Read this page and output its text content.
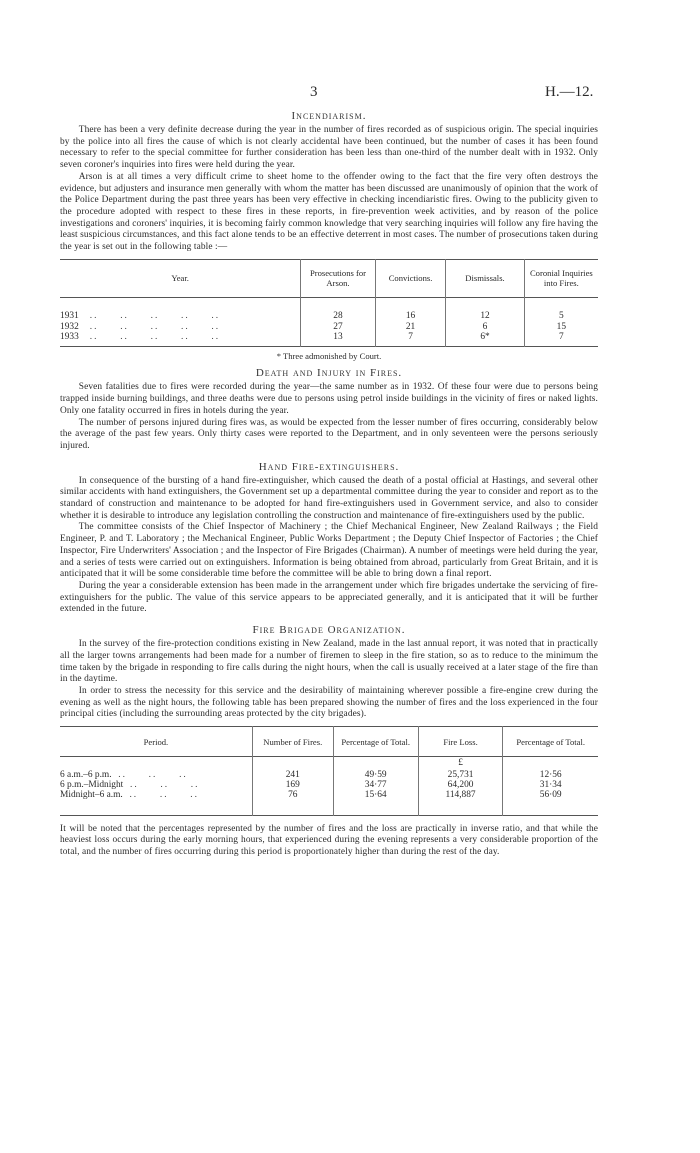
3	H.—12.
Incendiarism.

There has been a very definite decrease during the year in the number of fires recorded as of suspicious origin. The special inquiries by the police into all fires the cause of which is not clearly accidental have been continued, but the number of cases it has been found necessary to refer to the special committee for further consideration has been less than one-third of the number dealt with in 1932. Only seven coroner's inquiries into fires were held during the year.

Arson is at all times a very difficult crime to sheet home to the offender owing to the fact that the fire very often destroys the evidence, but adjusters and insurance men generally with whom the matter has been discussed are unanimously of opinion that the work of the Police Department during the past three years has been very effective in checking incendiaristic fires. Owing to the publicity given to the procedure adopted with respect to these fires in these reports, in fire-prevention week activities, and by reason of the police investigations and coroners' inquiries, it is becoming fairly common knowledge that very searching inquiries will follow any fire having the least suspicious circumstances, and this fact alone tends to be an effective deterrent in most cases. The number of prosecutions taken during the year is set out in the following table :—

Year.	Prosecutions for Arson.	Convictions.	Dismissals.	Coronial Inquiries into Fires.

1931   ..     ..     ..     ..     ..	28	16	12	5
1932   ..     ..     ..     ..     ..	27	21	6	15
1933   ..     ..     ..     ..     ..	13	7	6*	7
* Three admonished by Court.
Death and Injury in Fires.

Seven fatalities due to fires were recorded during the year—the same number as in 1932. Of these four were due to persons being trapped inside burning buildings, and three deaths were due to persons using petrol inside buildings in the vicinity of fires or naked lights. Only one fatality occurred in fires in hotels during the year.

The number of persons injured during fires was, as would be expected from the lesser number of fires occurring, considerably below the average of the past few years. Only thirty cases were reported to the Department, and in only seventeen were the persons seriously injured.

Hand Fire-extinguishers.

In consequence of the bursting of a hand fire-extinguisher, which caused the death of a postal official at Hastings, and several other similar accidents with hand extinguishers, the Government set up a departmental committee during the year to consider and report as to the standard of construction and maintenance to be adopted for hand fire-extinguishers used in Government service, and also to consider whether it is desirable to introduce any legislation controlling the construction and maintenance of fire-extinguishers used by the public.

The committee consists of the Chief Inspector of Machinery ; the Chief Mechanical Engineer, New Zealand Railways ; the Field Engineer, P. and T. Laboratory ; the Mechanical Engineer, Public Works Department ; the Deputy Chief Inspector of Factories ; the Chief Inspector, Fire Underwriters' Association ; and the Inspector of Fire Brigades (Chairman). A number of meetings were held during the year, and a series of tests were carried out on extinguishers. Information is being obtained from abroad, particularly from Great Britain, and it is anticipated that it will be some considerable time before the committee will be able to bring down a final report.

During the year a considerable extension has been made in the arrangement under which fire brigades undertake the servicing of fire-extinguishers for the public. The value of this service appears to be appreciated generally, and it is anticipated that it will be further extended in the future.

Fire Brigade Organization.

In the survey of the fire-protection conditions existing in New Zealand, made in the last annual report, it was noted that in practically all the larger towns arrangements had been made for a number of firemen to sleep in the fire station, so as to reduce to the minimum the time taken by the brigade in responding to fire calls during the night hours, when the call is usually received at a later stage of the fire than in the daytime.

In order to stress the necessity for this service and the desirability of maintaining wherever possible a fire-engine crew during the evening as well as the night hours, the following table has been prepared showing the number of fires and the loss experienced in the four principal cities (including the surrounding areas protected by the city brigades).

Period.	Number of Fires.	Percentage of Total.	Fire Loss.	Percentage of Total.
			£	
6 a.m.–6 p.m.  ..     ..     ..	241	49·59	25,731	12·56
6 p.m.–Midnight  ..     ..     ..	169	34·77	64,200	31·34
Midnight–6 a.m.  ..     ..     ..	76	15·64	114,887	56·09

It will be noted that the percentages represented by the number of fires and the loss are practically in inverse ratio, and that while the heaviest loss occurs during the early morning hours, that experienced during the evening represents a very considerable proportion of the total, and the number of fires occurring during this period is proportionately higher than during the rest of the day.
